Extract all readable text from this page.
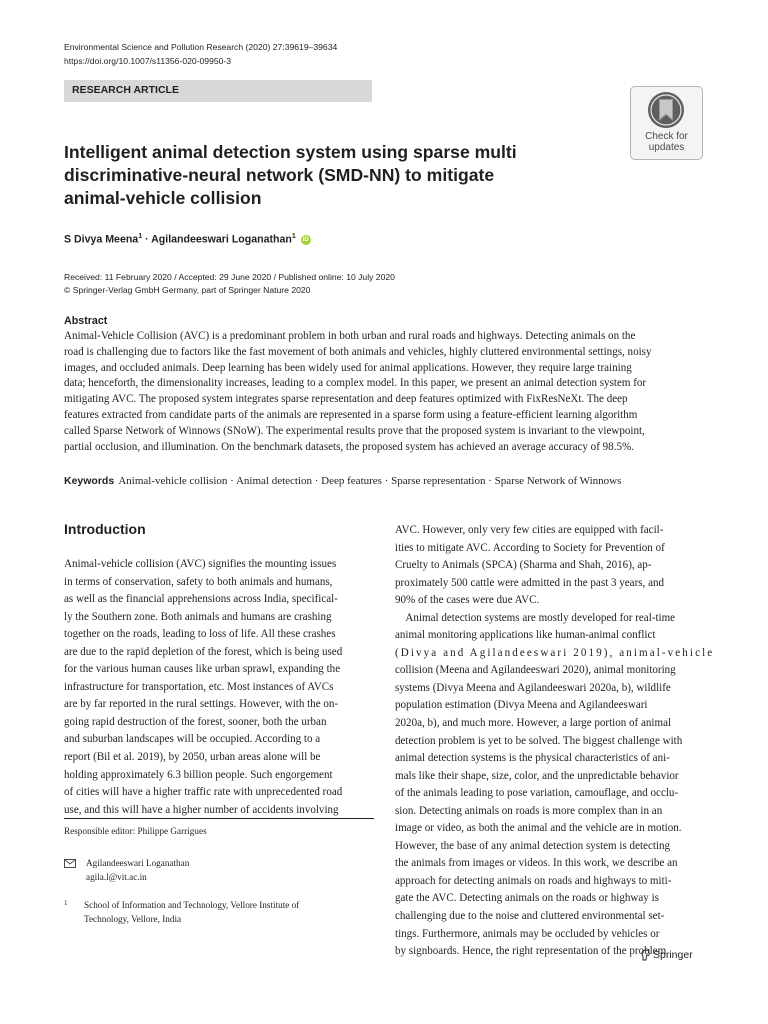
Environmental Science and Pollution Research (2020) 27:39619–39634
https://doi.org/10.1007/s11356-020-09950-3
RESEARCH ARTICLE
Check for
updates
Intelligent animal detection system using sparse multi
discriminative-neural network (SMD-NN) to mitigate
animal-vehicle collision
S Divya Meena$^1$ · Agilandeeswari Loganathan$^1$ iD
Received: 11 February 2020 / Accepted: 29 June 2020 / Published online: 10 July 2020
© Springer-Verlag GmbH Germany, part of Springer Nature 2020
Abstract
Animal-Vehicle Collision (AVC) is a predominant problem in both urban and rural roads and highways. Detecting animals on the
road is challenging due to factors like the fast movement of both animals and vehicles, highly cluttered environmental settings, noisy
images, and occluded animals. Deep learning has been widely used for animal applications. However, they require large training
data; henceforth, the dimensionality increases, leading to a complex model. In this paper, we present an animal detection system for
mitigating AVC. The proposed system integrates sparse representation and deep features optimized with FixResNeXt. The deep
features extracted from candidate parts of the animals are represented in a sparse form using a feature-efficient learning algorithm
called Sparse Network of Winnows (SNoW). The experimental results prove that the proposed system is invariant to the viewpoint,
partial occlusion, and illumination. On the benchmark datasets, the proposed system has achieved an average accuracy of 98.5%.
Keywords Animal-vehicle collision · Animal detection · Deep features · Sparse representation · Sparse Network of Winnows
Introduction
Animal-vehicle collision (AVC) signifies the mounting issues
in terms of conservation, safety to both animals and humans,
as well as the financial apprehensions across India, specifical-
ly the Southern zone. Both animals and humans are crashing
together on the roads, leading to loss of life. All these crashes
are due to the rapid depletion of the forest, which is being used
for the various human causes like urban sprawl, expanding the
infrastructure for transportation, etc. Most instances of AVCs
are by far reported in the rural settings. However, with the on-
going rapid destruction of the forest, sooner, both the urban
and suburban landscapes will be occupied. According to a
report (Bil et al. 2019), by 2050, urban areas alone will be
holding approximately 6.3 billion people. Such engorgement
of cities will have a higher traffic rate with unprecedented road
use, and this will have a higher number of accidents involving
AVC. However, only very few cities are equipped with facil-
ities to mitigate AVC. According to Society for Prevention of
Cruelty to Animals (SPCA) (Sharma and Shah, 2016), ap-
proximately 500 cattle were admitted in the past 3 years, and
90% of the cases were due AVC.
Animal detection systems are mostly developed for real-time
animal monitoring applications like human-animal conflict
(Divya and Agilandeeswari 2019), animal-vehicle
collision (Meena and Agilandeeswari 2020), animal monitoring
systems (Divya Meena and Agilandeeswari 2020a, b), wildlife
population estimation (Divya Meena and Agilandeeswari
2020a, b), and much more. However, a large portion of animal
detection problem is yet to be solved. The biggest challenge with
animal detection systems is the physical characteristics of ani-
mals like their shape, size, color, and the unpredictable behavior
of the animals leading to pose variation, camouflage, and occlu-
sion. Detecting animals on roads is more complex than in an
image or video, as both the animal and the vehicle are in motion.
However, the base of any animal detection system is detecting
the animals from images or videos. In this work, we describe an
approach for detecting animals on roads and highways to miti-
gate the AVC. Detecting animals on the roads or highway is
challenging due to the noise and cluttered environmental set-
tings. Furthermore, animals may be occluded by vehicles or
by signboards. Hence, the right representation of the problem
Responsible editor: Philippe Garrigues
Agilandeeswari Loganathan
agila.l@vit.ac.in
1 School of Information and Technology, Vellore Institute of
Technology, Vellore, India
Springer
